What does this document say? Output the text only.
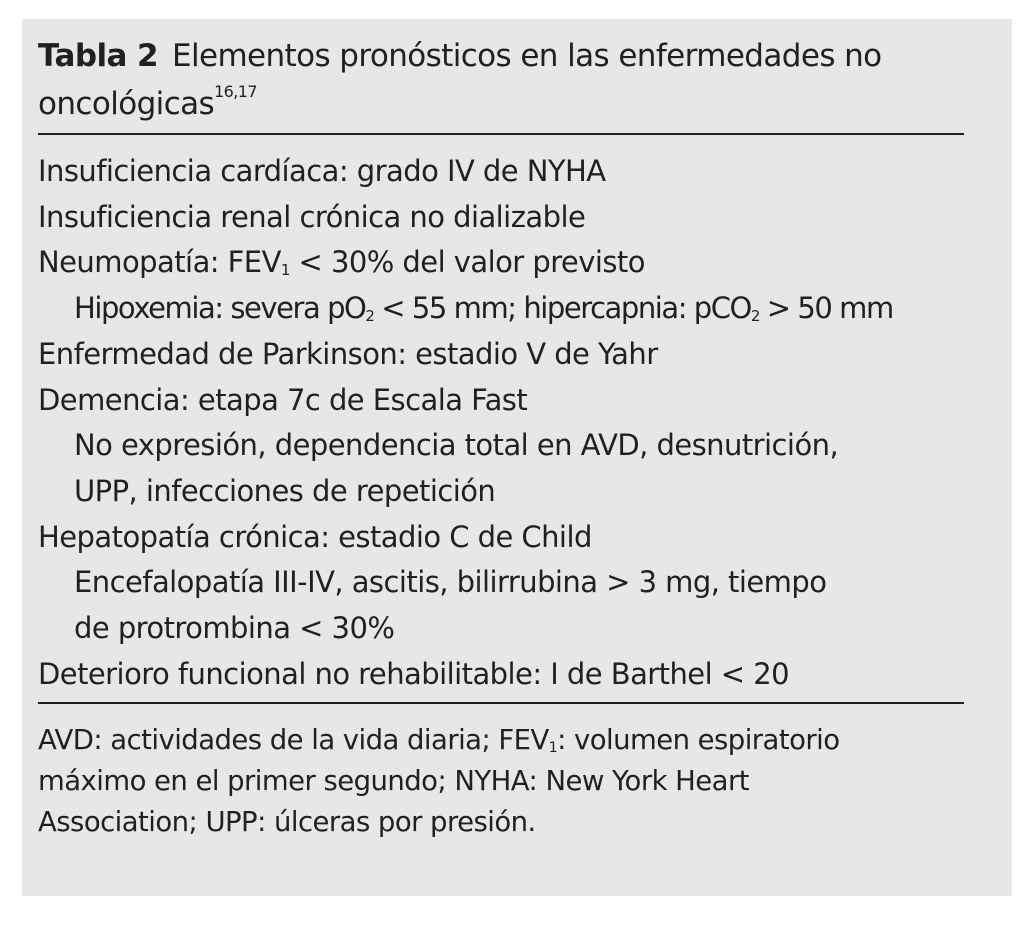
Tabla 2 Elementos pronósticos en las enfermedades no
oncológicas$^{16,17}$
Insuficiencia cardíaca: grado IV de NYHA
Insuficiencia renal crónica no dializable
Neumopatía: $FEV_1 < 30\%$ del valor previsto
Hipoxemia: severa $pO_2 < 55$ mm; hipercapnia: pCO$_2$ > 50 mm
Enfermedad de Parkinson: estadio V de Yahr
Demencia: etapa 7c de Escala Fast
No expresión, dependencia total en AVD, desnutrición,
UPP, infecciones de repetición
Hepatopatía crónica: estadio C de Child
Encefalopatía III-IV, ascitis, bilirrubina > 3 mg, tiempo
de protrombina < 30%
Deterioro funcional no rehabilitable: I de Barthel < 20
AVD: actividades de la vida diaria; $FEV_1$: volumen espiratorio
máximo en el primer segundo; NYHA: New York Heart
Association; UPP: úlceras por presión.
